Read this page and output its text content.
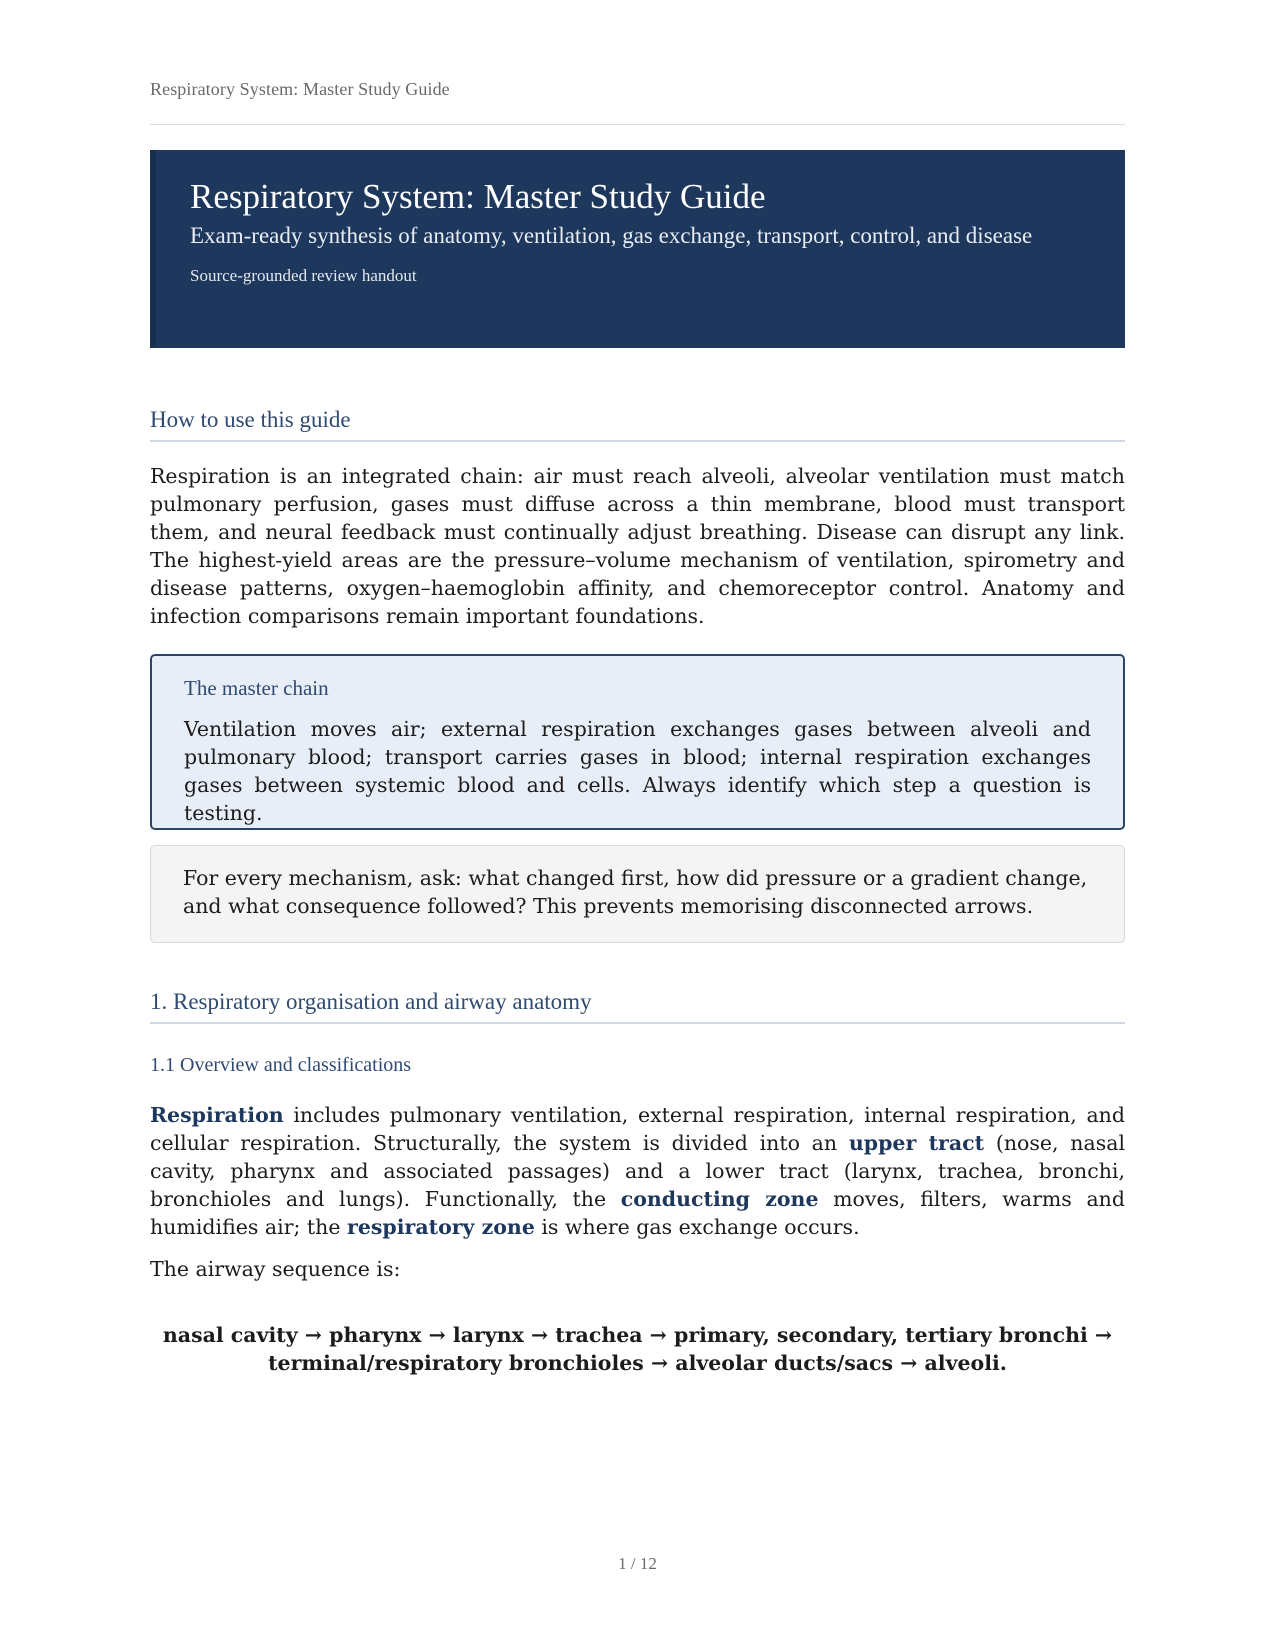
Respiratory System: Master Study Guide
Respiratory System: Master Study Guide
Exam-ready synthesis of anatomy, ventilation, gas exchange, transport, control, and disease
Source-grounded review handout
How to use this guide
Respiration is an integrated chain: air must reach alveoli, alveolar ventilation must match pulmonary perfusion, gases must diffuse across a thin membrane, blood must transport them, and neural feedback must continually adjust breathing. Disease can disrupt any link. The highest-yield areas are the pressure–volume mechanism of ventilation, spirometry and disease patterns, oxygen–haemoglobin affinity, and chemoreceptor control. Anatomy and infection comparisons remain important foundations.
The master chain
Ventilation moves air; external respiration exchanges gases between alveoli and pulmonary blood; transport carries gases in blood; internal respiration exchanges gases between systemic blood and cells. Always identify which step a question is testing.
For every mechanism, ask: what changed first, how did pressure or a gradient change, and what consequence followed? This prevents memorising disconnected arrows.
1. Respiratory organisation and airway anatomy
1.1 Overview and classifications
Respiration includes pulmonary ventilation, external respiration, internal respiration, and cellular respiration. Structurally, the system is divided into an upper tract (nose, nasal cavity, pharynx and associated passages) and a lower tract (larynx, trachea, bronchi, bronchioles and lungs). Functionally, the conducting zone moves, filters, warms and humidifies air; the respiratory zone is where gas exchange occurs.
The airway sequence is:
nasal cavity → pharynx → larynx → trachea → primary, secondary, tertiary bronchi → terminal/respiratory bronchioles → alveolar ducts/sacs → alveoli.
1 / 12
